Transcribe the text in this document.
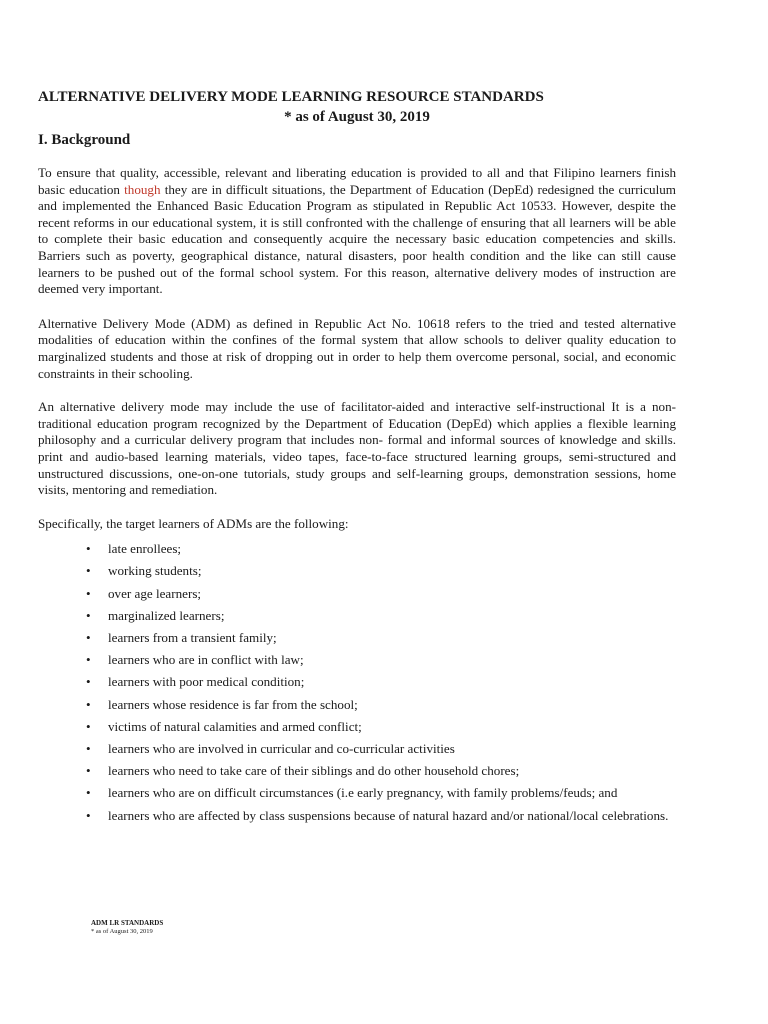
ALTERNATIVE DELIVERY MODE LEARNING RESOURCE STANDARDS
* as of August 30, 2019
I. Background

To ensure that quality, accessible, relevant and liberating education is provided to all and that Filipino learners finish basic education though they are in difficult situations, the Department of Education (DepEd) redesigned the curriculum and implemented the Enhanced Basic Education Program as stipulated in Republic Act 10533. However, despite the recent reforms in our educational system, it is still confronted with the challenge of ensuring that all learners will be able to complete their basic education and consequently acquire the necessary basic education competencies and skills. Barriers such as poverty, geographical distance, natural disasters, poor health condition and the like can still cause learners to be pushed out of the formal school system. For this reason, alternative delivery modes of instruction are deemed very important.

Alternative Delivery Mode (ADM) as defined in Republic Act No. 10618 refers to the tried and tested alternative modalities of education within the confines of the formal system that allow schools to deliver quality education to marginalized students and those at risk of dropping out in order to help them overcome personal, social, and economic constraints in their schooling.

An alternative delivery mode may include the use of facilitator-aided and interactive self-instructional It is a non- traditional education program recognized by the Department of Education (DepEd) which applies a flexible learning philosophy and a curricular delivery program that includes non- formal and informal sources of knowledge and skills. print and audio-based learning materials, video tapes, face-to-face structured learning groups, semi-structured and unstructured discussions, one-on-one tutorials, study groups and self-learning groups, demonstration sessions, home visits, mentoring and remediation.

Specifically, the target learners of ADMs are the following:

• late enrollees;
• working students;
• over age learners;
• marginalized learners;
• learners from a transient family;
• learners who are in conflict with law;
• learners with poor medical condition;
• learners whose residence is far from the school;
• victims of natural calamities and armed conflict;
• learners who are involved in curricular and co-curricular activities
• learners who need to take care of their siblings and do other household chores;
• learners who are on difficult circumstances (i.e early pregnancy, with family problems/feuds; and
• learners who are affected by class suspensions because of natural hazard and/or national/local celebrations.
ADM LR STANDARDS
* as of August 30, 2019
